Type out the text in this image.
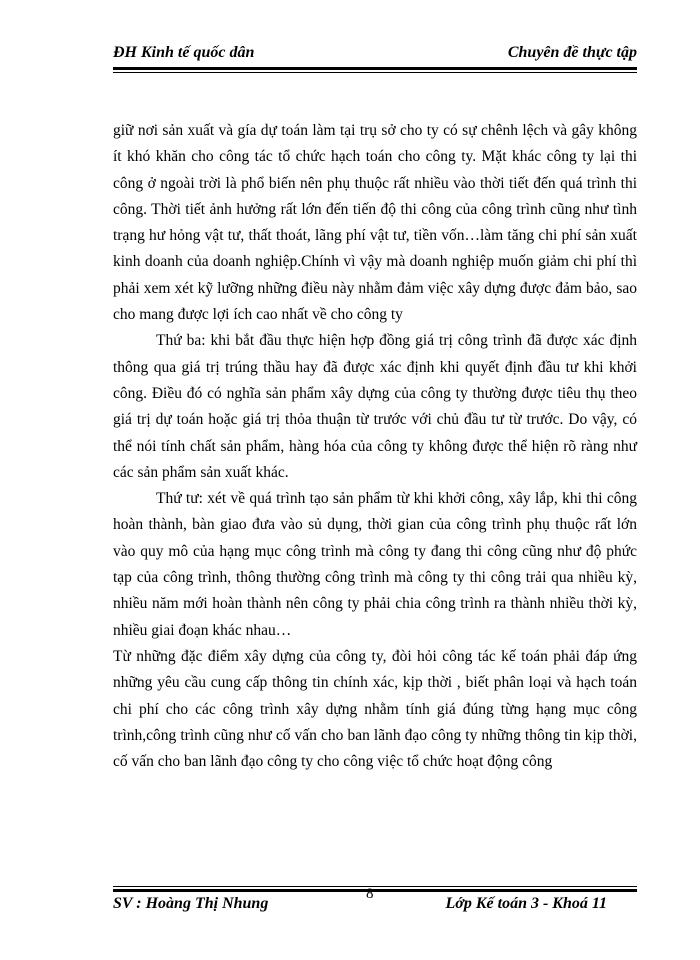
ĐH Kinh tế quốc dân	Chuyên đề thực tập

giữ nơi sản xuất và gía dự toán làm tại trụ sở cho ty có sự chênh lệch và gây không ít khó khăn cho công tác tổ chức hạch toán cho công ty. Mặt khác công ty lại thi công ở ngoài trời là phổ biến nên phụ thuộc rất nhiều vào thời tiết đến quá trình thi công. Thời tiết ảnh hưởng rất lớn đến tiến độ thi công của công trình cũng như tình trạng hư hỏng vật tư, thất thoát, lãng phí vật tư, tiền vốn…làm tăng chi phí sản xuất kinh doanh của doanh nghiệp.Chính vì vậy mà doanh nghiệp muốn giảm chi phí thì phải xem xét kỹ lưỡng những điều này nhằm đảm việc xây dựng được đảm bảo, sao cho mang được lợi ích cao nhất về cho công ty

Thứ ba: khi bắt đầu thực hiện hợp đồng giá trị công trình đã được xác định thông qua giá trị trúng thầu hay đã được xác định khi quyết định đầu tư khi khởi công. Điều đó có nghĩa sản phẩm xây dựng của công ty thường được tiêu thụ theo giá trị dự toán hoặc giá trị thỏa thuận từ trước với chủ đầu tư từ trước. Do vậy, có thể nói tính chất sản phẩm, hàng hóa của công ty không được thể hiện rõ ràng như các sản phẩm sản xuất khác.

Thứ tư: xét về quá trình tạo sản phẩm từ khi khởi công, xây lắp, khi thi công hoàn thành, bàn giao đưa vào sủ dụng, thời gian của công trình phụ thuộc rất lớn vào quy mô của hạng mục công trình mà công ty đang thi công cũng như độ phức tạp của công trình, thông thường công trình mà công ty thi công trải qua nhiều kỳ, nhiều năm mới hoàn thành nên công ty phải chia công trình ra thành nhiều thời kỳ, nhiều giai đoạn khác nhau…

Từ những đặc điểm xây dựng của công ty, đòi hỏi công tác kế toán phải đáp ứng những yêu cầu cung cấp thông tin chính xác, kịp thời , biết phân loại và hạch toán chi phí cho các công trình xây dựng nhằm tính giá đúng từng hạng mục công trình,công trình cũng như cố vấn cho ban lãnh đạo công ty những thông tin kịp thời, cố vấn cho ban lãnh đạo công ty cho công việc tổ chức hoạt động công

8
SV : Hoàng Thị Nhung	Lớp Kế toán 3 - Khoá 11
